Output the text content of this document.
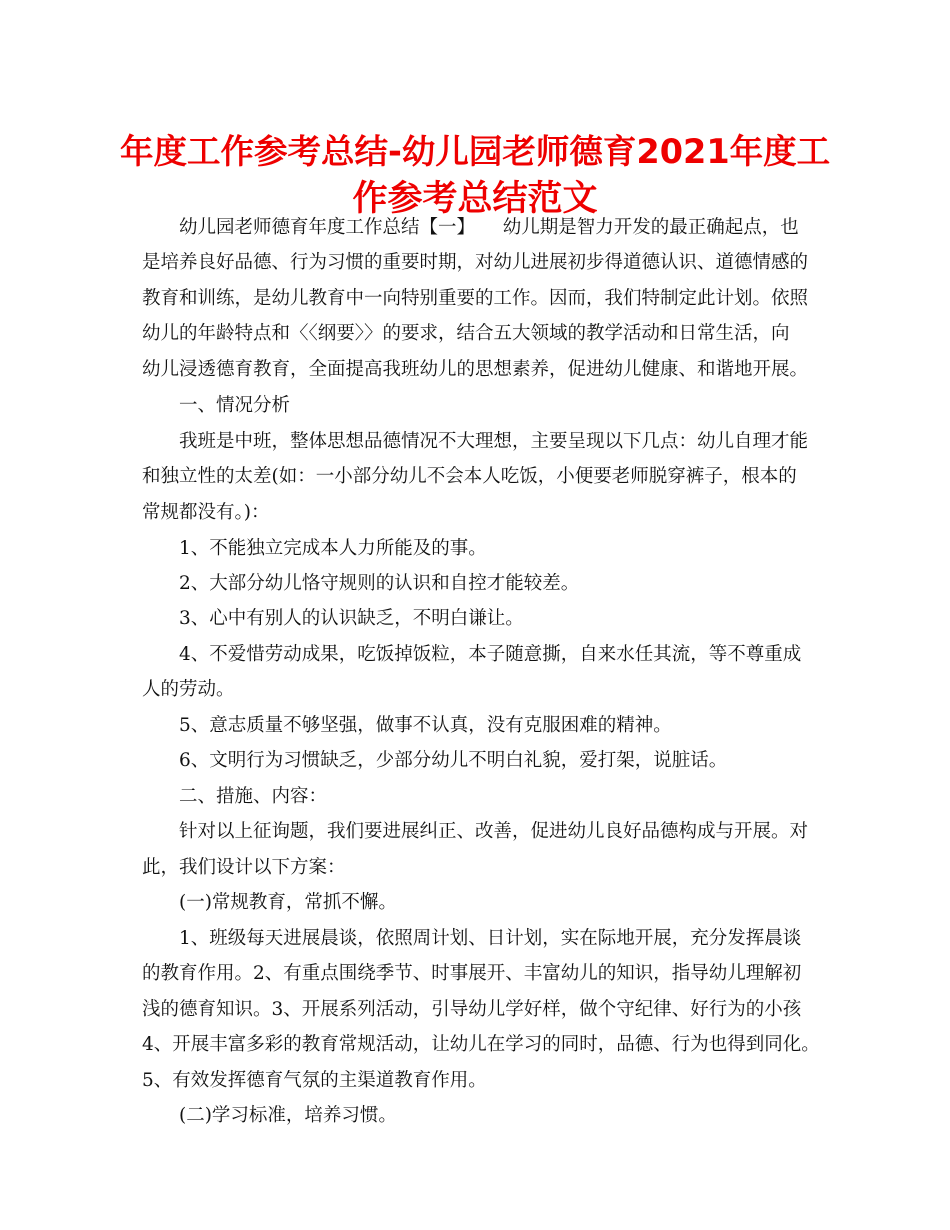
年度工作参考总结-幼儿园老师德育2021年度工
作参考总结范文

幼儿园老师德育年度工作总结【一】　　幼儿期是智力开发的最正确起点，也

是培养良好品德、行为习惯的重要时期，对幼儿进展初步得道德认识、道德情感的

教育和训练，是幼儿教育中一向特别重要的工作。因而，我们特制定此计划。依照

幼儿的年龄特点和〈〈纲要〉〉的要求，结合五大领域的教学活动和日常生活，向

幼儿浸透德育教育，全面提高我班幼儿的思想素养，促进幼儿健康、和谐地开展。

一、情况分析

我班是中班，整体思想品德情况不大理想，主要呈现以下几点：幼儿自理才能

和独立性的太差(如：一小部分幼儿不会本人吃饭，小便要老师脱穿裤子，根本的

常规都没有。)：

1、不能独立完成本人力所能及的事。

2、大部分幼儿恪守规则的认识和自控才能较差。

3、心中有别人的认识缺乏，不明白谦让。

4、不爱惜劳动成果，吃饭掉饭粒，本子随意撕，自来水任其流，等不尊重成

人的劳动。

5、意志质量不够坚强，做事不认真，没有克服困难的精神。

6、文明行为习惯缺乏，少部分幼儿不明白礼貌，爱打架，说脏话。

二、措施、内容：

针对以上征询题，我们要进展纠正、改善，促进幼儿良好品德构成与开展。对

此，我们设计以下方案：

(一)常规教育，常抓不懈。

1、班级每天进展晨谈，依照周计划、日计划，实在际地开展，充分发挥晨谈

的教育作用。2、有重点围绕季节、时事展开、丰富幼儿的知识，指导幼儿理解初

浅的德育知识。3、开展系列活动，引导幼儿学好样，做个守纪律、好行为的小孩

4、开展丰富多彩的教育常规活动，让幼儿在学习的同时，品德、行为也得到同化。

5、有效发挥德育气氛的主渠道教育作用。

(二)学习标准，培养习惯。
